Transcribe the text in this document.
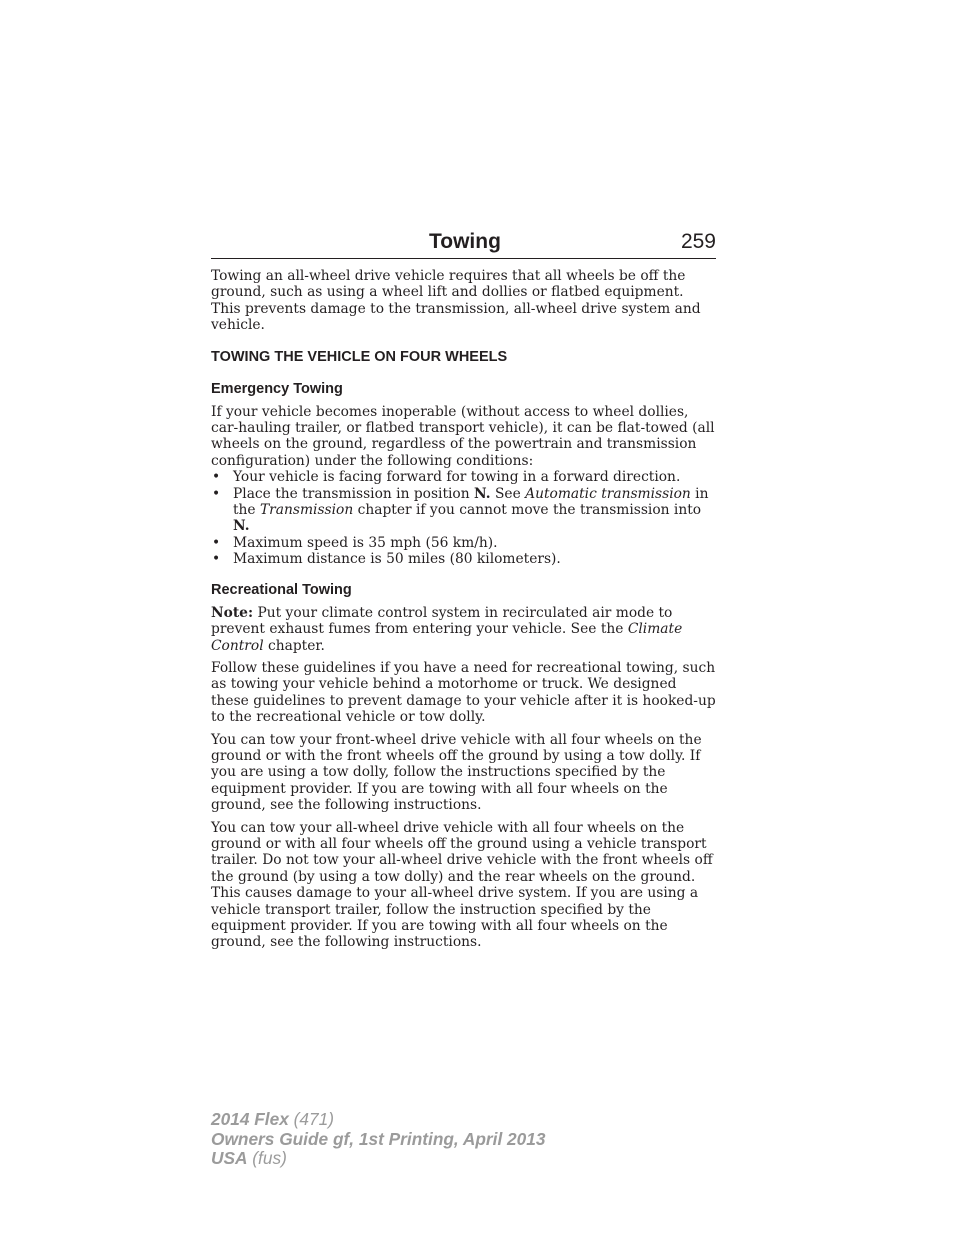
Towing	259

Towing an all-wheel drive vehicle requires that all wheels be off the ground, such as using a wheel lift and dollies or flatbed equipment. This prevents damage to the transmission, all-wheel drive system and vehicle.

TOWING THE VEHICLE ON FOUR WHEELS
Emergency Towing

If your vehicle becomes inoperable (without access to wheel dollies, car-hauling trailer, or flatbed transport vehicle), it can be flat-towed (all wheels on the ground, regardless of the powertrain and transmission configuration) under the following conditions:

• Your vehicle is facing forward for towing in a forward direction.
• Place the transmission in position N. See Automatic transmission in the Transmission chapter if you cannot move the transmission into N.
• Maximum speed is 35 mph (56 km/h).
• Maximum distance is 50 miles (80 kilometers).
Recreational Towing

Note: Put your climate control system in recirculated air mode to prevent exhaust fumes from entering your vehicle. See the Climate Control chapter.

Follow these guidelines if you have a need for recreational towing, such as towing your vehicle behind a motorhome or truck. We designed these guidelines to prevent damage to your vehicle after it is hooked-up to the recreational vehicle or tow dolly.

You can tow your front-wheel drive vehicle with all four wheels on the ground or with the front wheels off the ground by using a tow dolly. If you are using a tow dolly, follow the instructions specified by the equipment provider. If you are towing with all four wheels on the ground, see the following instructions.

You can tow your all-wheel drive vehicle with all four wheels on the ground or with all four wheels off the ground using a vehicle transport trailer. Do not tow your all-wheel drive vehicle with the front wheels off the ground (by using a tow dolly) and the rear wheels on the ground. This causes damage to your all-wheel drive system. If you are using a vehicle transport trailer, follow the instruction specified by the equipment provider. If you are towing with all four wheels on the ground, see the following instructions.

2014 Flex (471)
Owners Guide gf, 1st Printing, April 2013
USA (fus)
